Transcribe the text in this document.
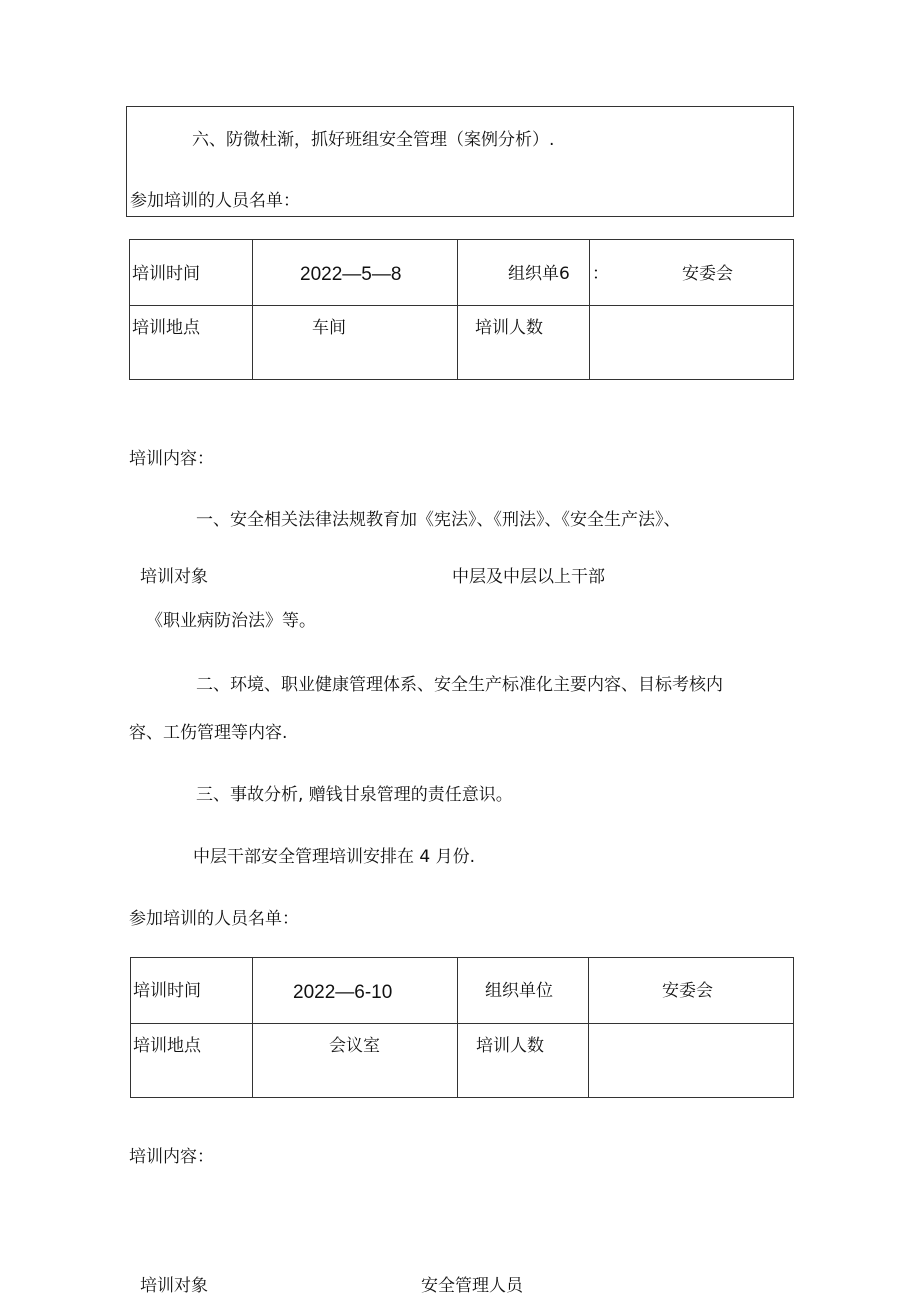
六、防微杜渐，抓好班组安全管理（案例分析）.
参加培训的人员名单：
培训时间	2022—5—8	组织单6	： 安委会

培训地点	车间	培训人数	

培训内容：
一、安全相关法律法规教育加《宪法》、《刑法》、《安全生产法》、
培训对象	中层及中层以上干部
《职业病防治法》等。
二、环境、职业健康管理体系、安全生产标准化主要内容、目标考核内
容、工伤管理等内容.
三、事故分析, 赠钱甘泉管理的责任意识。
中层干部安全管理培训安排在 4 月份.
参加培训的人员名单：
培训时间	2022—6-10	组织单位	安委会

培训地点	会议室	培训人数	

培训内容：
培训对象	安全管理人员
